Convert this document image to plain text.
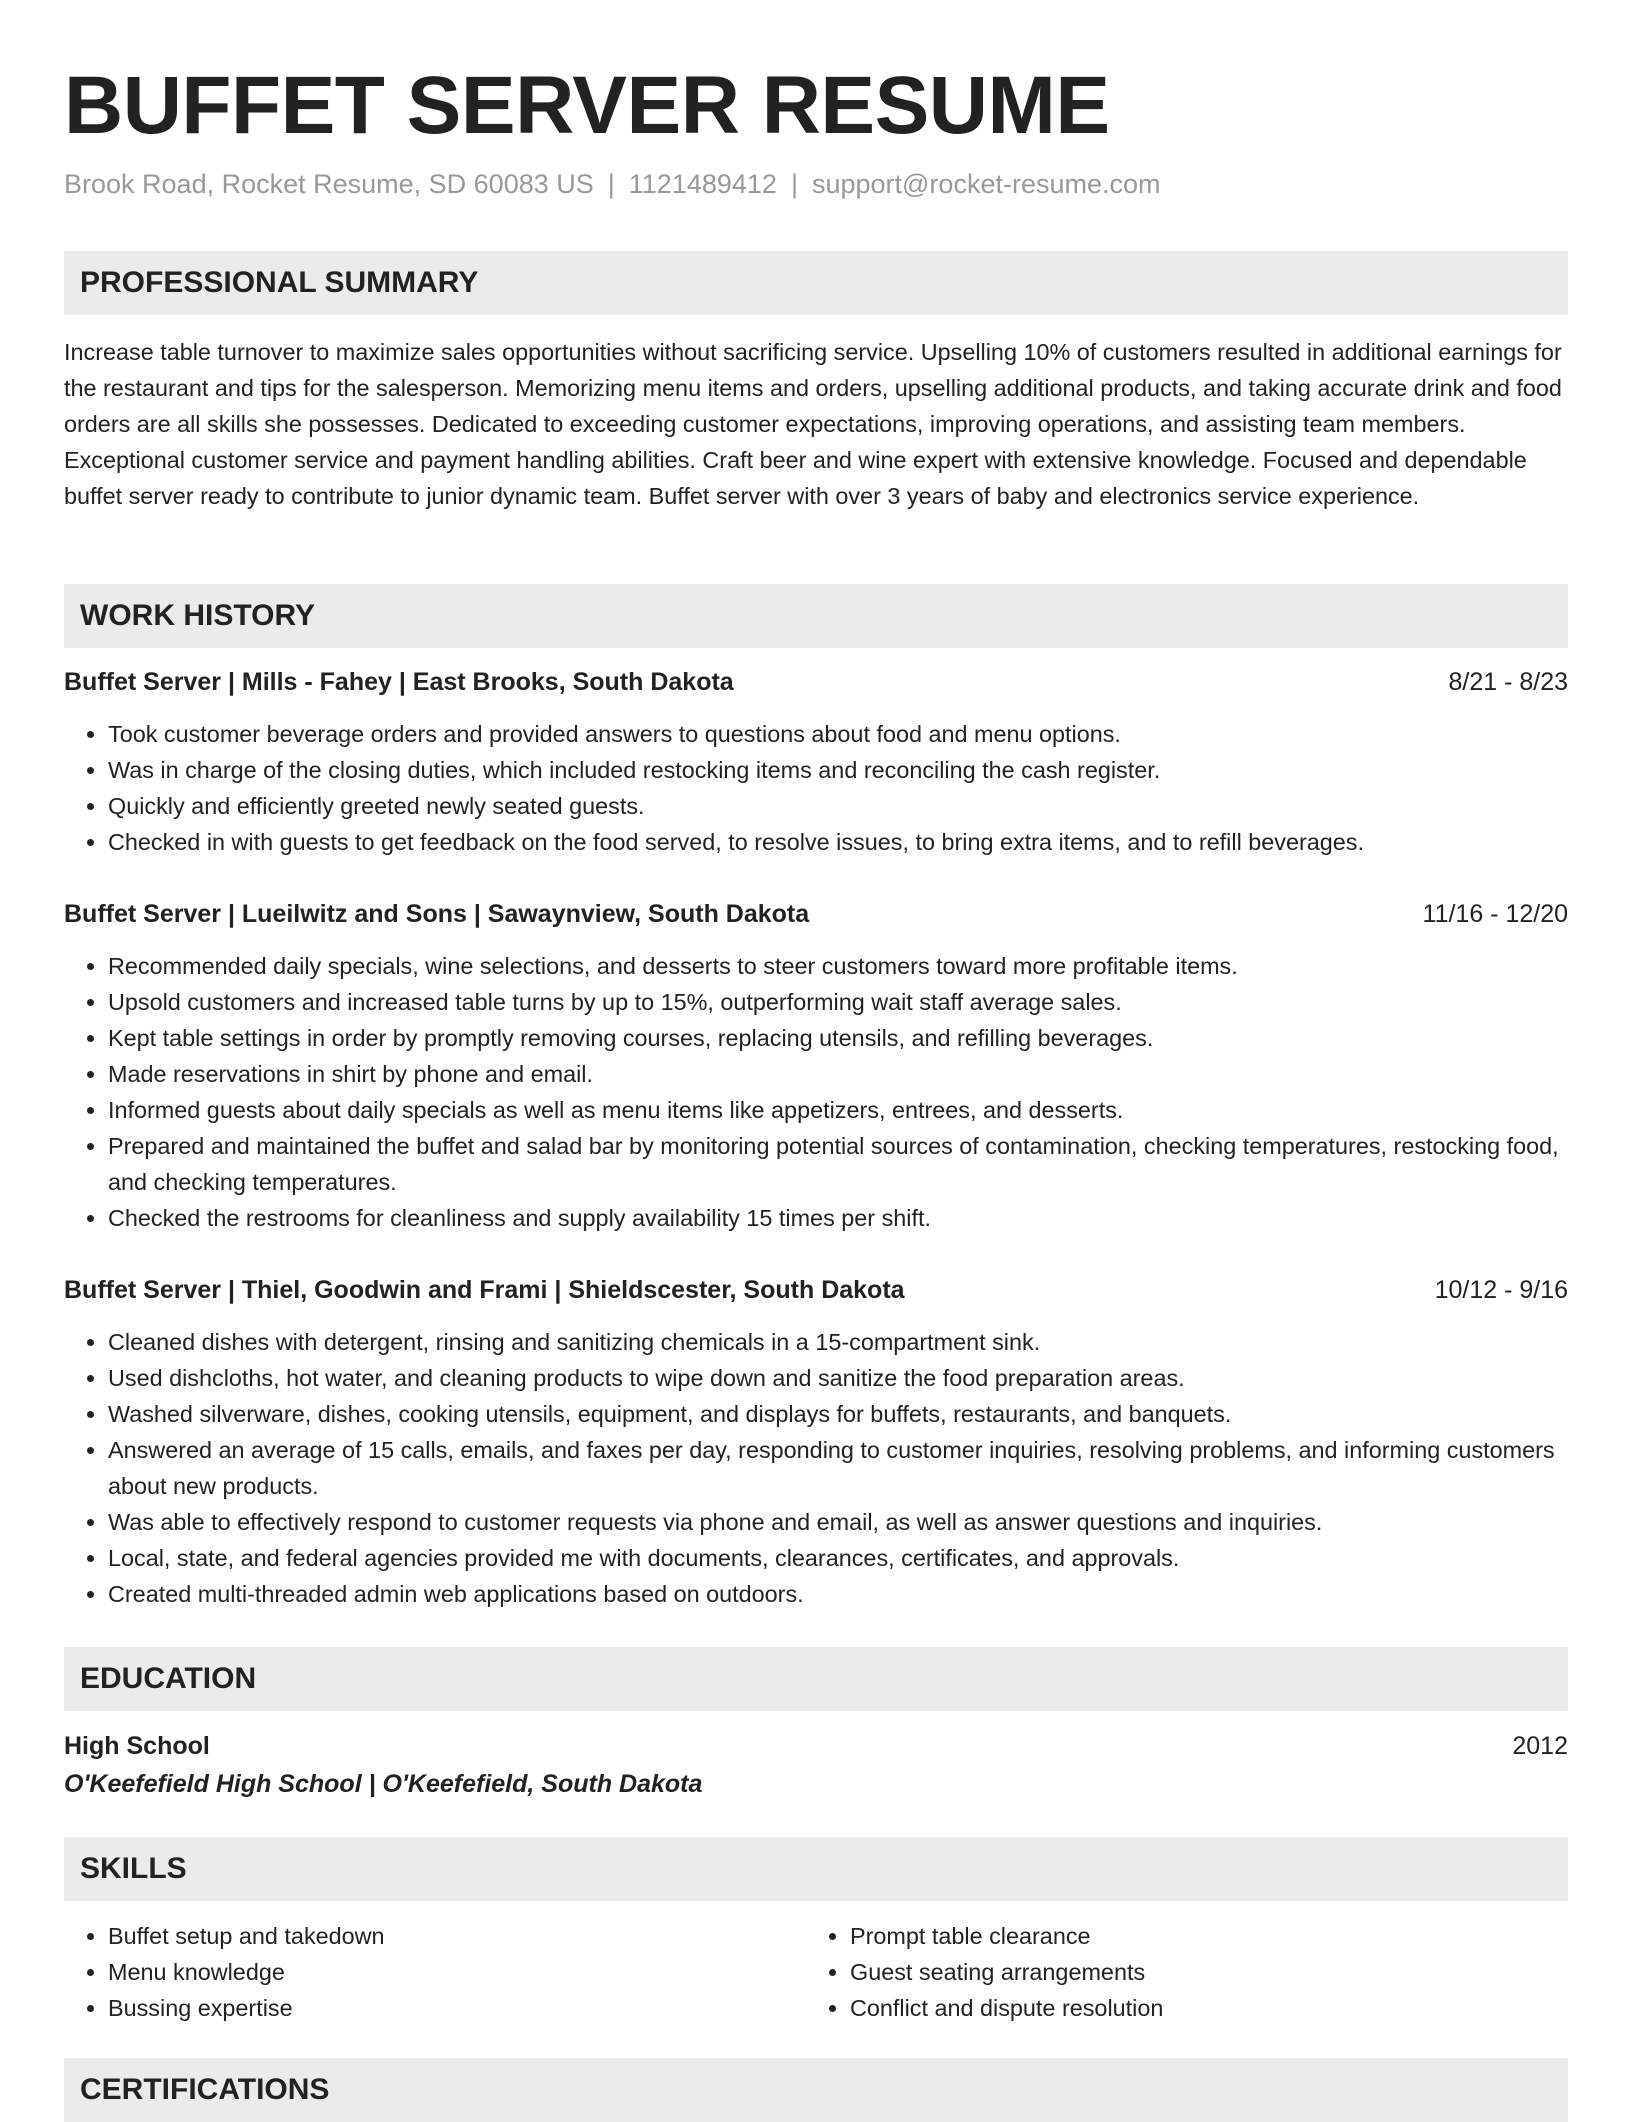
BUFFET SERVER RESUME
Brook Road, Rocket Resume, SD 60083 US | 1121489412 | support@rocket-resume.com
PROFESSIONAL SUMMARY

Increase table turnover to maximize sales opportunities without sacrificing service. Upselling 10% of customers resulted in additional earnings for the restaurant and tips for the salesperson. Memorizing menu items and orders, upselling additional products, and taking accurate drink and food orders are all skills she possesses. Dedicated to exceeding customer expectations, improving operations, and assisting team members. Exceptional customer service and payment handling abilities. Craft beer and wine expert with extensive knowledge. Focused and dependable buffet server ready to contribute to junior dynamic team. Buffet server with over 3 years of baby and electronics service experience.

WORK HISTORY
Buffet Server | Mills - Fahey | East Brooks, South Dakota	8/21 - 8/23
• Took customer beverage orders and provided answers to questions about food and menu options.
• Was in charge of the closing duties, which included restocking items and reconciling the cash register.
• Quickly and efficiently greeted newly seated guests.
• Checked in with guests to get feedback on the food served, to resolve issues, to bring extra items, and to refill beverages.
Buffet Server | Lueilwitz and Sons | Sawaynview, South Dakota	11/16 - 12/20
• Recommended daily specials, wine selections, and desserts to steer customers toward more profitable items.
• Upsold customers and increased table turns by up to 15%, outperforming wait staff average sales.
• Kept table settings in order by promptly removing courses, replacing utensils, and refilling beverages.
• Made reservations in shirt by phone and email.
• Informed guests about daily specials as well as menu items like appetizers, entrees, and desserts.
• Prepared and maintained the buffet and salad bar by monitoring potential sources of contamination, checking temperatures, restocking food, and checking temperatures.
• Checked the restrooms for cleanliness and supply availability 15 times per shift.
Buffet Server | Thiel, Goodwin and Frami | Shieldscester, South Dakota	10/12 - 9/16
• Cleaned dishes with detergent, rinsing and sanitizing chemicals in a 15-compartment sink.
• Used dishcloths, hot water, and cleaning products to wipe down and sanitize the food preparation areas.
• Washed silverware, dishes, cooking utensils, equipment, and displays for buffets, restaurants, and banquets.
• Answered an average of 15 calls, emails, and faxes per day, responding to customer inquiries, resolving problems, and informing customers about new products.
• Was able to effectively respond to customer requests via phone and email, as well as answer questions and inquiries.
• Local, state, and federal agencies provided me with documents, clearances, certificates, and approvals.
• Created multi-threaded admin web applications based on outdoors.
EDUCATION
High School	2012
O'Keefefield High School | O'Keefefield, South Dakota
SKILLS
• Buffet setup and takedown
• Menu knowledge
• Bussing expertise
• Prompt table clearance
• Guest seating arrangements
• Conflict and dispute resolution
CERTIFICATIONS
